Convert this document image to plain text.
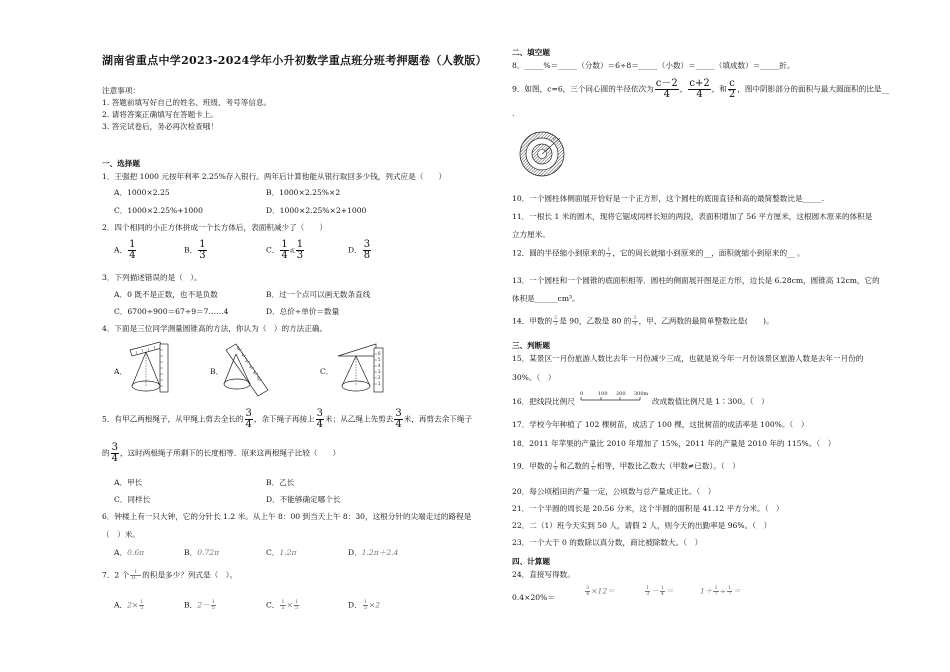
湖南省重点中学2023-2024学年小升初数学重点班分班考押题卷（人教版）
注意事项：
1. 答题前填写好自己的姓名、班级、考号等信息。
2. 请将答案正确填写在答题卡上。
3. 答完试卷后，务必再次检查哦！
一、选择题
1．王强把 1000 元按年利率 2.25%存入银行。两年后计算他能从银行取回多少钱，列式应是（　　）
A．1000×2.25	B．1000×2.25%×2
C．1000×2.25%+1000	D．1000×2.25%×2+1000
2．四个相同的小正方体拼成一个长方体后，表面积减少了（　　）
A． $\frac{1}{4}$	B． $\frac{1}{3}$	C． $\frac{1}{4}$ 或 $\frac{1}{3}$	D． $\frac{3}{8}$
3．下列描述错误的是（　）。
A．0 既不是正数，也不是负数	B．过一个点可以画无数条直线
C．6700÷900＝67÷9＝7……4	D．总价÷单价＝数量
4．下面是三位同学测量圆锥高的方法，你认为（　）的方法正确。
A．	B．	C．
0
1
2
3
4
5
6
5
4
3
2
1
5．有甲乙两根绳子，从甲绳上剪去全长的 $\frac{3}{4}$ ，余下绳子再接上 $\frac{3}{4}$ 米；从乙绳上先剪去 $\frac{3}{4}$ 米，再剪去余下绳子
的 $\frac{3}{4}$ ，这时两根绳子所剩下的长度相等．原来这两根绳子比较（　　）
A．甲长	B．乙长
C．同样长	D．不能够确定哪个长
6．钟楼上有一只大钟，它的分针长 1.2 米。从上午 8：00 到当天上午 8：30，这根分针的尖端走过的路程是
（　）米。
A．0.6π	B．0.72π	C．1.2π	D．1.2π＋2.4
7．2 个 $\frac{1}{D.}$ 的积是多少？列式是（　）。
A．$2\times \frac{1}{5}$	B．$2- \frac{1}{5}$	C． $\frac{1}{5} \times \frac{1}{5}$	D． $\frac{1}{5} \times 2$
二、填空题
8．_____%＝_____（分数）＝6÷8＝_____（小数）＝_____（填成数）＝_____折。
9．如图，c=6，三个同心圆的半径依次为 $\frac{c-2}{4}$ ， $\frac{c+2}{4}$ ，和 $\frac{c}{2}$ ，图中阴影部分的面积与最大圆面积的比是__
.
c
10．一个圆柱体侧面展开恰好是一个正方形，这个圆柱的底面直径和高的最简整数比是_____.
11．一根长 1 米的圆木，现将它锯成同样长短的两段，表面积增加了 56 平方厘米，这根圆木原来的体积是
立方厘米。
12．圆的半径缩小到原来的 $\frac{1}{3}$ ，它的周长就缩小到原来的__，面积就缩小到原来的__ 。
13．一个圆柱和一个圆锥的底面积相等．圆柱的侧面展开图是正方形，边长是 6.28cm，圆锥高 12cm，它的
体积是______cm³。
14．甲数的 $\frac{2}{3}$ 是 90，乙数是 80 的 $\frac{3}{4}$ ，甲、乙两数的最简单整数比是(　　)。
三、判断题
15．某景区一月份旅游人数比去年一月份减少三成，也就是说今年一月份该景区旅游人数是去年一月份的
30%。（　）
16．把线段比例尺
0	100 200 300m
改成数值比例尺是 1∶300。（　）
17．学校今年种植了 102 棵树苗，成活了 100 棵，这批树苗的成活率是 100%。（　）
18．2011 年苹果的产量比 2010 年增加了 15%，2011 年的产量是 2010 年的 115%。（　）
19．甲数的 $\frac{1}{4}$ 和乙数的 $\frac{1}{6}$ 相等，甲数比乙数大（甲数≠已数）。（　）
20．每公顷稻田的产量一定，公顷数与总产量成正比。（　）
21．一个半圆的周长是 20.56 分米，这个半圆的面积是 41.12 平方分米。（　）
22．二（1）班今天实到 50 人，请假 2 人，则今天的出勤率是 96%。（　）
23．一个大于 0 的数除以真分数，商比被除数大。（　）
四、计算题
24．直接写得数。
0.4×20%＝
$\frac{3}{4} \times 12=$	$\frac{1}{3} - \frac{1}{4}$ ＝	$1+ \frac{1}{7} \div \frac{1}{7}$ ＝
